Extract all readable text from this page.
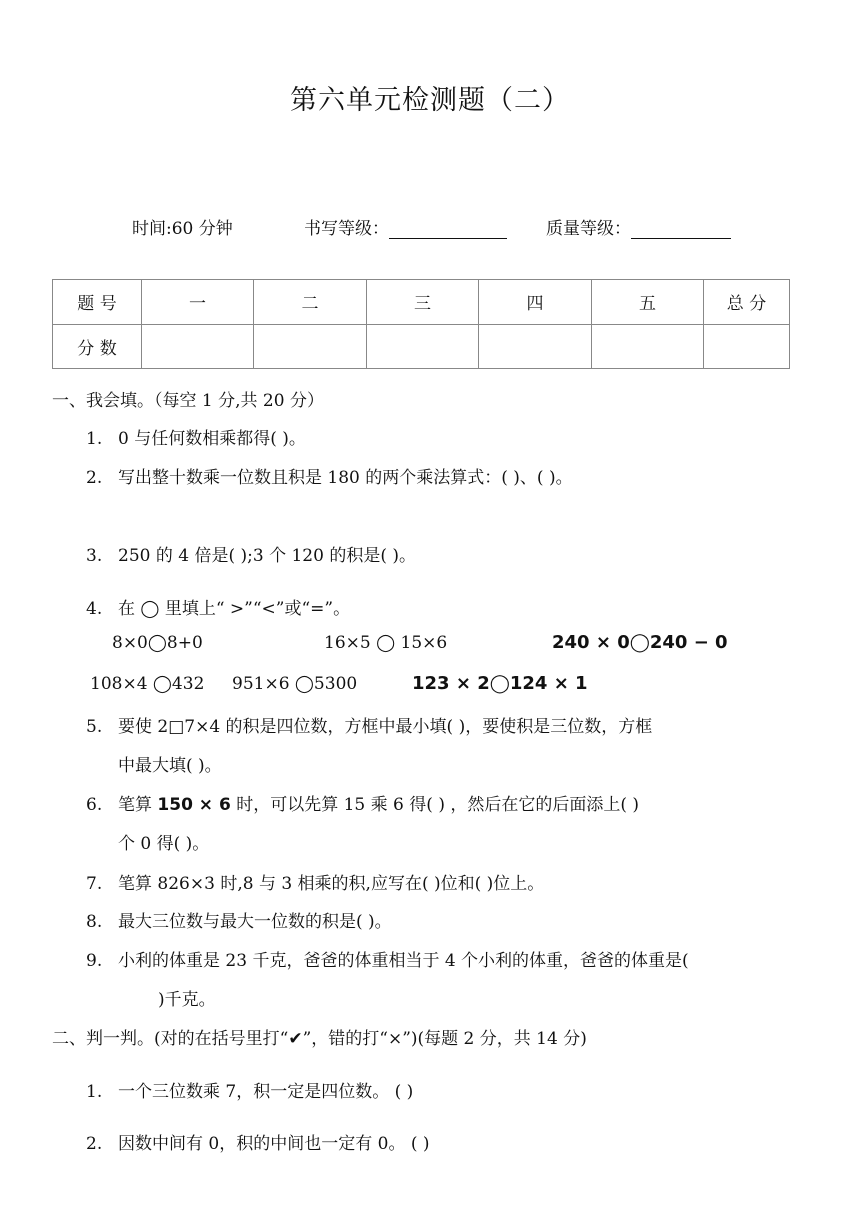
第六单元检测题（二）
时间:60 分钟	书写等级：	质量等级：
题 号	一	二	三	四	五	总 分
分 数						
一、我会填。（每空 1 分,共 20 分）
1. 0 与任何数相乘都得( )。
2. 写出整十数乘一位数且积是 180 的两个乘法算式：( )、( )。
3. 250 的 4 倍是( );3 个 120 的积是( )。
4. 在 ◯ 里填上“ >”“<”或“=”。
8×0◯8+0	16×5 ◯ 15×6	240 × 0◯240 − 0
108×4 ◯432 951×6 ◯5300	123 × 2◯124 × 1
5. 要使 2□7×4 的积是四位数，方框中最小填( )，要使积是三位数，方框
中最大填( )。
6. 笔算 150 × 6 时，可以先算 15 乘 6 得( ) ，然后在它的后面添上( )
个 0 得( )。
7. 笔算 826×3 时,8 与 3 相乘的积,应写在( )位和( )位上。
8. 最大三位数与最大一位数的积是( )。
9. 小利的体重是 23 千克，爸爸的体重相当于 4 个小利的体重，爸爸的体重是(
)千克。
二、判一判。(对的在括号里打“✔”，错的打“×”)(每题 2 分，共 14 分)
1. 一个三位数乘 7，积一定是四位数。 ( )
2. 因数中间有 0，积的中间也一定有 0。 ( )
